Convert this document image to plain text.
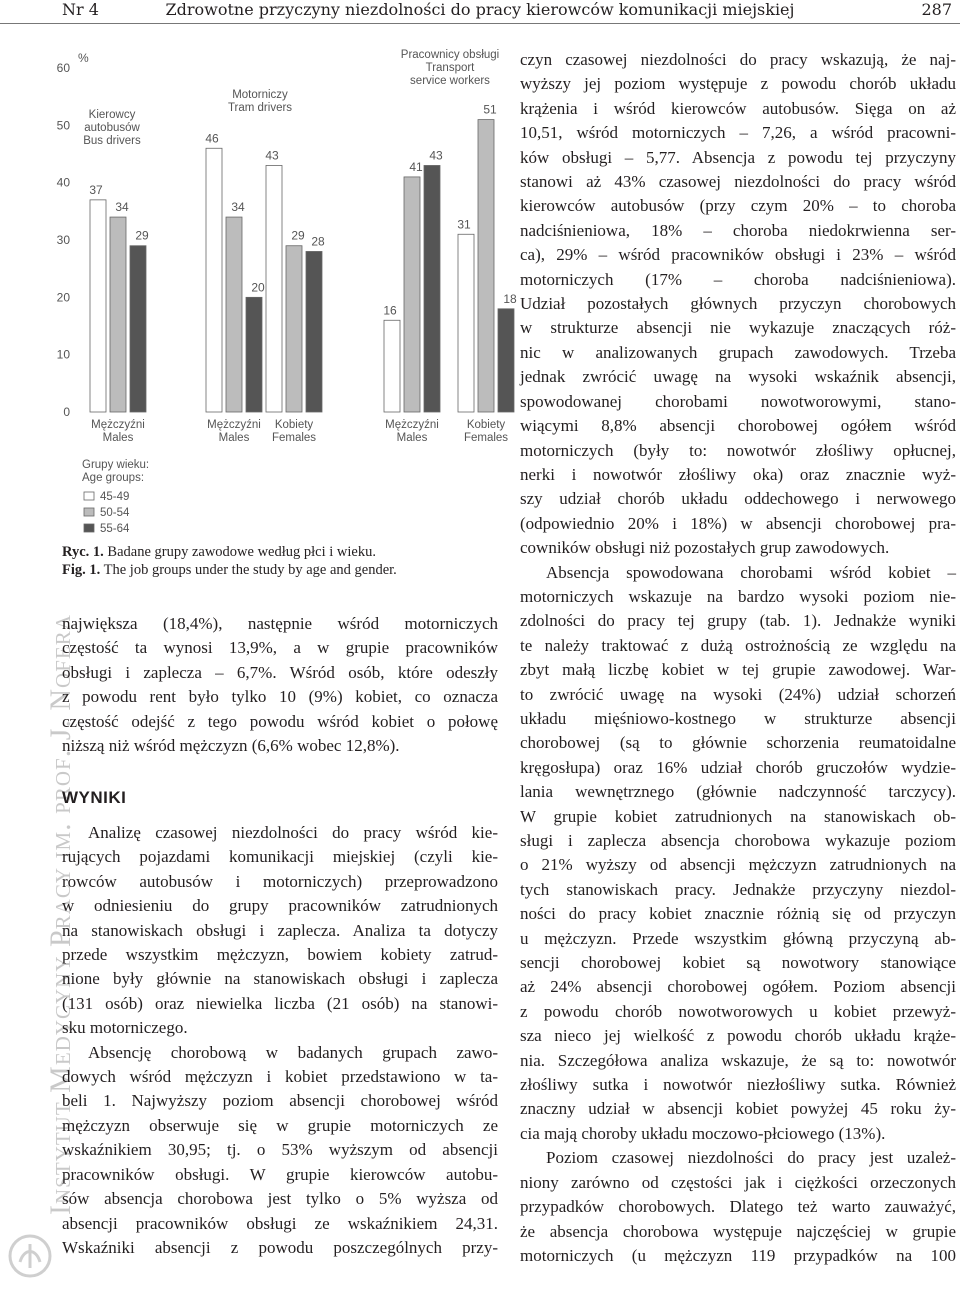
Nr 4	Zdrowotne przyczyny niezdolności do pracy kierowców komunikacji miejskiej	287
Instytut Medycyny Pracy im. prof. J. Nofera
%
0
10
20
30
40
50
60
Kierowcy
autobusów
Bus drivers
37
34
29
Mężczyźni
Males
Motorniczy
Tram drivers
46
34
20
Mężczyźni
Males
43
29 28
Kobiety
Females
Pracownicy obsługi
Transport
service workers
16
41
43
Mężczyźni
Males
31
51
18
Kobiety
Females
Grupy wieku:
Age groups:
45-49
50-54
55-64
Ryc. 1. Badane grupy zawodowe według płci i wieku.
Fig. 1. The job groups under the study by age and gender.
największa (18,4%), następnie wśród motorniczych
częstość ta wynosi 13,9%, a w grupie pracowników
obsługi i zaplecza – 6,7%. Wśród osób, które odeszły
z powodu rent było tylko 10 (9%) kobiet, co oznacza
częstość odejść z tego powodu wśród kobiet o połowę
niższą niż wśród mężczyzn (6,6% wobec 12,8%).
WYNIKI
Analizę czasowej niezdolności do pracy wśród kie-
rujących pojazdami komunikacji miejskiej (czyli kie-
rowców autobusów i motorniczych) przeprowadzono
w odniesieniu do grupy pracowników zatrudnionych
na stanowiskach obsługi i zaplecza. Analiza ta dotyczy
przede wszystkim mężczyzn, bowiem kobiety zatrud-
nione były głównie na stanowiskach obsługi i zaplecza
(131 osób) oraz niewielka liczba (21 osób) na stanowi-
sku motorniczego.
Absencję chorobową w badanych grupach zawo-
dowych wśród mężczyzn i kobiet przedstawiono w ta-
beli 1. Najwyższy poziom absencji chorobowej wśród
mężczyzn obserwuje się w grupie motorniczych ze
wskaźnikiem 30,95; tj. o 53% wyższym od absencji
pracowników obsługi. W grupie kierowców autobu-
sów absencja chorobowa jest tylko o 5% wyższa od
absencji pracowników obsługi ze wskaźnikiem 24,31.
Wskaźniki absencji z powodu poszczególnych przy-
czyn czasowej niezdolności do pracy wskazują, że naj-
wyższy jej poziom występuje z powodu chorób układu
krążenia i wśród kierowców autobusów. Sięga on aż
10,51, wśród motorniczych – 7,26, a wśród pracowni-
ków obsługi – 5,77. Absencja z powodu tej przyczyny
stanowi aż 43% czasowej niezdolności do pracy wśród
kierowców autobusów (przy czym 20% – to choroba
nadciśnieniowa, 18% – choroba niedokrwienna ser-
ca), 29% – wśród pracowników obsługi i 23% – wśród
motorniczych (17% – choroba nadciśnieniowa).
Udział pozostałych głównych przyczyn chorobowych
w strukturze absencji nie wykazuje znaczących róż-
nic w analizowanych grupach zawodowych. Trzeba
jednak zwrócić uwagę na wysoki wskaźnik absencji,
spowodowanej chorobami nowotworowymi, stano-
wiącymi 8,8% absencji chorobowej ogółem wśród
motorniczych (były to: nowotwór złośliwy opłucnej,
nerki i nowotwór złośliwy oka) oraz znacznie wyż-
szy udział chorób układu oddechowego i nerwowego
(odpowiednio 20% i 18%) w absencji chorobowej pra-
cowników obsługi niż pozostałych grup zawodowych.
Absencja spowodowana chorobami wśród kobiet –
motorniczych wskazuje na bardzo wysoki poziom nie-
zdolności do pracy tej grupy (tab. 1). Jednakże wyniki
te należy traktować z dużą ostrożnością ze względu na
zbyt małą liczbę kobiet w tej grupie zawodowej. War-
to zwrócić uwagę na wysoki (24%) udział schorzeń
układu mięśniowo-kostnego w strukturze absencji
chorobowej (są to głównie schorzenia reumatoidalne
kręgosłupa) oraz 16% udział chorób gruczołów wydzie-
lania wewnętrznego (głównie nadczynność tarczycy).
W grupie kobiet zatrudnionych na stanowiskach ob-
sługi i zaplecza absencja chorobowa wykazuje poziom
o 21% wyższy od absencji mężczyzn zatrudnionych na
tych stanowiskach pracy. Jednakże przyczyny niezdol-
ności do pracy kobiet znacznie różnią się od przyczyn
u mężczyzn. Przede wszystkim główną przyczyną ab-
sencji chorobowej kobiet są nowotwory stanowiące
aż 24% absencji chorobowej ogółem. Poziom absencji
z powodu chorób nowotworowych u kobiet przewyż-
sza nieco jej wielkość z powodu chorób układu krąże-
nia. Szczegółowa analiza wskazuje, że są to: nowotwór
złośliwy sutka i nowotwór niezłośliwy sutka. Również
znaczny udział w absencji kobiet powyżej 45 roku ży-
cia mają choroby układu moczowo-płciowego (13%).
Poziom czasowej niezdolności do pracy jest uzależ-
niony zarówno od częstości jak i ciężkości orzeczonych
przypadków chorobowych. Dlatego też warto zauważyć,
że absencja chorobowa występuje najczęściej w grupie
motorniczych (u mężczyzn 119 przypadków na 100
